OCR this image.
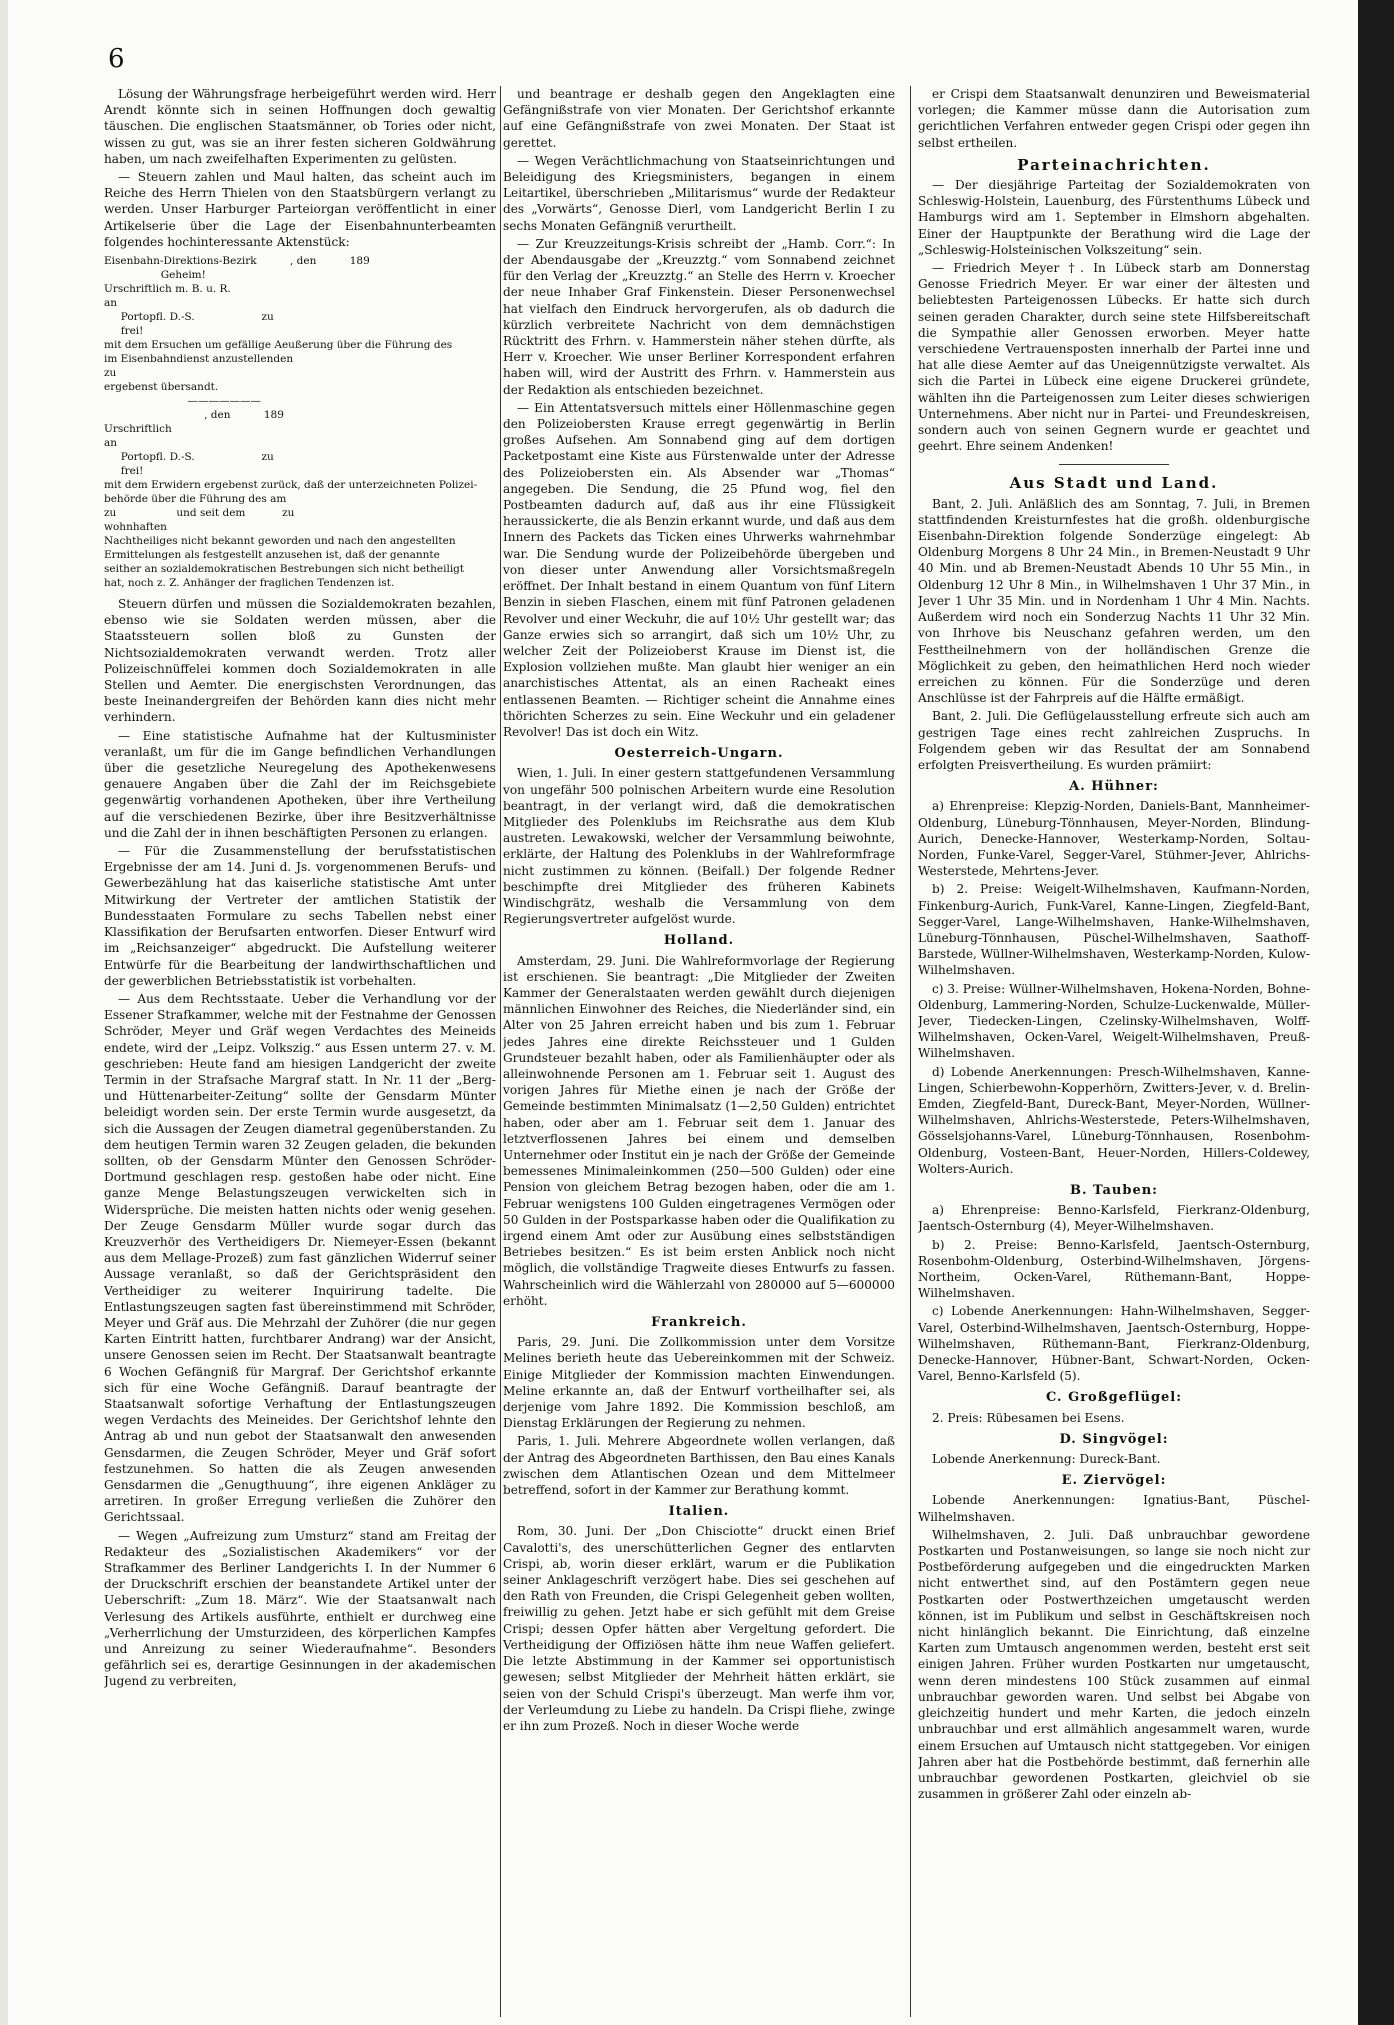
6

Lösung der Währungsfrage herbeigeführt werden wird. Herr Arendt könnte sich in seinen Hoffnungen doch gewaltig täuschen. Die englischen Staatsmänner, ob Tories oder nicht, wissen zu gut, was sie an ihrer festen sicheren Goldwährung haben, um nach zweifelhaften Experimenten zu gelüsten.

— Steuern zahlen und Maul halten, das scheint auch im Reiche des Herrn Thielen von den Staatsbürgern verlangt zu werden. Unser Harburger Parteiorgan veröffentlicht in einer Artikelserie über die Lage der Eisenbahnunterbeamten folgendes hochinteressante Aktenstück:

Eisenbahn-Direktions-Bezirk          , den          189
Geheim!
Urschriftlich m. B. u. R.
an
Portopfl. D.-S.                    zu
frei!
mit dem Ersuchen um gefällige Aeußerung über die Führung des
im Eisenbahndienst anzustellenden
zu
ergebenst übersandt.
———————
, den          189
Urschriftlich
an
Portopfl. D.-S.                    zu
frei!
mit dem Erwidern ergebenst zurück, daß der unterzeichneten Polizei-
behörde über die Führung des am
zu                  und seit dem           zu
wohnhaften
Nachtheiliges nicht bekannt geworden und nach den angestellten
Ermittelungen als festgestellt anzusehen ist, daß der genannte
seither an sozialdemokratischen Bestrebungen sich nicht betheiligt
hat, noch z. Z. Anhänger der fraglichen Tendenzen ist.

Steuern dürfen und müssen die Sozialdemokraten bezahlen, ebenso wie sie Soldaten werden müssen, aber die Staatssteuern sollen bloß zu Gunsten der Nichtsozialdemokraten verwandt werden. Trotz aller Polizeischnüffelei kommen doch Sozialdemokraten in alle Stellen und Aemter. Die energischsten Verordnungen, das beste Ineinandergreifen der Behörden kann dies nicht mehr verhindern.

— Eine statistische Aufnahme hat der Kultusminister veranlaßt, um für die im Gange befindlichen Verhandlungen über die gesetzliche Neuregelung des Apothekenwesens genauere Angaben über die Zahl der im Reichsgebiete gegenwärtig vorhandenen Apotheken, über ihre Vertheilung auf die verschiedenen Bezirke, über ihre Besitzverhältnisse und die Zahl der in ihnen beschäftigten Personen zu erlangen.

— Für die Zusammenstellung der berufsstatistischen Ergebnisse der am 14. Juni d. Js. vorgenommenen Berufs- und Gewerbezählung hat das kaiserliche statistische Amt unter Mitwirkung der Vertreter der amtlichen Statistik der Bundesstaaten Formulare zu sechs Tabellen nebst einer Klassifikation der Berufsarten entworfen. Dieser Entwurf wird im „Reichsanzeiger“ abgedruckt. Die Aufstellung weiterer Entwürfe für die Bearbeitung der landwirthschaftlichen und der gewerblichen Betriebsstatistik ist vorbehalten.

— Aus dem Rechtsstaate. Ueber die Verhandlung vor der Essener Strafkammer, welche mit der Festnahme der Genossen Schröder, Meyer und Gräf wegen Verdachtes des Meineids endete, wird der „Leipz. Volkszig.“ aus Essen unterm 27. v. M. geschrieben: Heute fand am hiesigen Landgericht der zweite Termin in der Strafsache Margraf statt. In Nr. 11 der „Berg- und Hüttenarbeiter-Zeitung“ sollte der Gensdarm Münter beleidigt worden sein. Der erste Termin wurde ausgesetzt, da sich die Aussagen der Zeugen diametral gegenüberstanden. Zu dem heutigen Termin waren 32 Zeugen geladen, die bekunden sollten, ob der Gensdarm Münter den Genossen Schröder-Dortmund geschlagen resp. gestoßen habe oder nicht. Eine ganze Menge Belastungszeugen verwickelten sich in Widersprüche. Die meisten hatten nichts oder wenig gesehen. Der Zeuge Gensdarm Müller wurde sogar durch das Kreuzverhör des Vertheidigers Dr. Niemeyer-Essen (bekannt aus dem Mellage-Prozeß) zum fast gänzlichen Widerruf seiner Aussage veranlaßt, so daß der Gerichtspräsident den Vertheidiger zu weiterer Inquirirung tadelte. Die Entlastungszeugen sagten fast übereinstimmend mit Schröder, Meyer und Gräf aus. Die Mehrzahl der Zuhörer (die nur gegen Karten Eintritt hatten, furchtbarer Andrang) war der Ansicht, unsere Genossen seien im Recht. Der Staatsanwalt beantragte 6 Wochen Gefängniß für Margraf. Der Gerichtshof erkannte sich für eine Woche Gefängniß. Darauf beantragte der Staatsanwalt sofortige Verhaftung der Entlastungszeugen wegen Verdachts des Meineides. Der Gerichtshof lehnte den Antrag ab und nun gebot der Staatsanwalt den anwesenden Gensdarmen, die Zeugen Schröder, Meyer und Gräf sofort festzunehmen. So hatten die als Zeugen anwesenden Gensdarmen die „Genugthuung“, ihre eigenen Ankläger zu arretiren. In großer Erregung verließen die Zuhörer den Gerichtssaal.

— Wegen „Aufreizung zum Umsturz“ stand am Freitag der Redakteur des „Sozialistischen Akademikers“ vor der Strafkammer des Berliner Landgerichts I. In der Nummer 6 der Druckschrift erschien der beanstandete Artikel unter der Ueberschrift: „Zum 18. März“. Wie der Staatsanwalt nach Verlesung des Artikels ausführte, enthielt er durchweg eine „Verherrlichung der Umsturzideen, des körperlichen Kampfes und Anreizung zu seiner Wiederaufnahme“. Besonders gefährlich sei es, derartige Gesinnungen in der akademischen Jugend zu verbreiten,

und beantrage er deshalb gegen den Angeklagten eine Gefängnißstrafe von vier Monaten. Der Gerichtshof erkannte auf eine Gefängnißstrafe von zwei Monaten. Der Staat ist gerettet.

— Wegen Verächtlichmachung von Staatseinrichtungen und Beleidigung des Kriegsministers, begangen in einem Leitartikel, überschrieben „Militarismus“ wurde der Redakteur des „Vorwärts“, Genosse Dierl, vom Landgericht Berlin I zu sechs Monaten Gefängniß verurtheilt.

— Zur Kreuzzeitungs-Krisis schreibt der „Hamb. Corr.“: In der Abendausgabe der „Kreuzztg.“ vom Sonnabend zeichnet für den Verlag der „Kreuzztg.“ an Stelle des Herrn v. Kroecher der neue Inhaber Graf Finkenstein. Dieser Personenwechsel hat vielfach den Eindruck hervorgerufen, als ob dadurch die kürzlich verbreitete Nachricht von dem demnächstigen Rücktritt des Frhrn. v. Hammerstein näher stehen dürfte, als Herr v. Kroecher. Wie unser Berliner Korrespondent erfahren haben will, wird der Austritt des Frhrn. v. Hammerstein aus der Redaktion als entschieden bezeichnet.

— Ein Attentatsversuch mittels einer Höllenmaschine gegen den Polizeiobersten Krause erregt gegenwärtig in Berlin großes Aufsehen. Am Sonnabend ging auf dem dortigen Packetpostamt eine Kiste aus Fürstenwalde unter der Adresse des Polizeiobersten ein. Als Absender war „Thomas“ angegeben. Die Sendung, die 25 Pfund wog, fiel den Postbeamten dadurch auf, daß aus ihr eine Flüssigkeit heraussickerte, die als Benzin erkannt wurde, und daß aus dem Innern des Packets das Ticken eines Uhrwerks wahrnehmbar war. Die Sendung wurde der Polizeibehörde übergeben und von dieser unter Anwendung aller Vorsichtsmaßregeln eröffnet. Der Inhalt bestand in einem Quantum von fünf Litern Benzin in sieben Flaschen, einem mit fünf Patronen geladenen Revolver und einer Weckuhr, die auf 10½ Uhr gestellt war; das Ganze erwies sich so arrangirt, daß sich um 10½ Uhr, zu welcher Zeit der Polizeioberst Krause im Dienst ist, die Explosion vollziehen mußte. Man glaubt hier weniger an ein anarchistisches Attentat, als an einen Racheakt eines entlassenen Beamten. — Richtiger scheint die Annahme eines thörichten Scherzes zu sein. Eine Weckuhr und ein geladener Revolver! Das ist doch ein Witz.

Oesterreich-Ungarn.

Wien, 1. Juli. In einer gestern stattgefundenen Versammlung von ungefähr 500 polnischen Arbeitern wurde eine Resolution beantragt, in der verlangt wird, daß die demokratischen Mitglieder des Polenklubs im Reichsrathe aus dem Klub austreten. Lewakowski, welcher der Versammlung beiwohnte, erklärte, der Haltung des Polenklubs in der Wahlreformfrage nicht zustimmen zu können. (Beifall.) Der folgende Redner beschimpfte drei Mitglieder des früheren Kabinets Windischgrätz, weshalb die Versammlung von dem Regierungsvertreter aufgelöst wurde.

Holland.

Amsterdam, 29. Juni. Die Wahlreformvorlage der Regierung ist erschienen. Sie beantragt: „Die Mitglieder der Zweiten Kammer der Generalstaaten werden gewählt durch diejenigen männlichen Einwohner des Reiches, die Niederländer sind, ein Alter von 25 Jahren erreicht haben und bis zum 1. Februar jedes Jahres eine direkte Reichssteuer und 1 Gulden Grundsteuer bezahlt haben, oder als Familienhäupter oder als alleinwohnende Personen am 1. Februar seit 1. August des vorigen Jahres für Miethe einen je nach der Größe der Gemeinde bestimmten Minimalsatz (1—2,50 Gulden) entrichtet haben, oder aber am 1. Februar seit dem 1. Januar des letztverflossenen Jahres bei einem und demselben Unternehmer oder Institut ein je nach der Größe der Gemeinde bemessenes Minimaleinkommen (250—500 Gulden) oder eine Pension von gleichem Betrag bezogen haben, oder die am 1. Februar wenigstens 100 Gulden eingetragenes Vermögen oder 50 Gulden in der Postsparkasse haben oder die Qualifikation zu irgend einem Amt oder zur Ausübung eines selbstständigen Betriebes besitzen.“ Es ist beim ersten Anblick noch nicht möglich, die vollständige Tragweite dieses Entwurfs zu fassen. Wahrscheinlich wird die Wählerzahl von 280000 auf 5—600000 erhöht.

Frankreich.

Paris, 29. Juni. Die Zollkommission unter dem Vorsitze Melines berieth heute das Uebereinkommen mit der Schweiz. Einige Mitglieder der Kommission machten Einwendungen. Meline erkannte an, daß der Entwurf vortheilhafter sei, als derjenige vom Jahre 1892. Die Kommission beschloß, am Dienstag Erklärungen der Regierung zu nehmen.

Paris, 1. Juli. Mehrere Abgeordnete wollen verlangen, daß der Antrag des Abgeordneten Barthissen, den Bau eines Kanals zwischen dem Atlantischen Ozean und dem Mittelmeer betreffend, sofort in der Kammer zur Berathung kommt.

Italien.

Rom, 30. Juni. Der „Don Chisciotte“ druckt einen Brief Cavalotti's, des unerschütterlichen Gegner des entlarvten Crispi, ab, worin dieser erklärt, warum er die Publikation seiner Anklageschrift verzögert habe. Dies sei geschehen auf den Rath von Freunden, die Crispi Gelegenheit geben wollten, freiwillig zu gehen. Jetzt habe er sich gefühlt mit dem Greise Crispi; dessen Opfer hätten aber Vergeltung gefordert. Die Vertheidigung der Offiziösen hätte ihm neue Waffen geliefert. Die letzte Abstimmung in der Kammer sei opportunistisch gewesen; selbst Mitglieder der Mehrheit hätten erklärt, sie seien von der Schuld Crispi's überzeugt. Man werfe ihm vor, der Verleumdung zu Liebe zu handeln. Da Crispi fliehe, zwinge er ihn zum Prozeß. Noch in dieser Woche werde

er Crispi dem Staatsanwalt denunziren und Beweismaterial vorlegen; die Kammer müsse dann die Autorisation zum gerichtlichen Verfahren entweder gegen Crispi oder gegen ihn selbst ertheilen.

Parteinachrichten.

— Der diesjährige Parteitag der Sozialdemokraten von Schleswig-Holstein, Lauenburg, des Fürstenthums Lübeck und Hamburgs wird am 1. September in Elmshorn abgehalten. Einer der Hauptpunkte der Berathung wird die Lage der „Schleswig-Holsteinischen Volkszeitung“ sein.

— Friedrich Meyer †. In Lübeck starb am Donnerstag Genosse Friedrich Meyer. Er war einer der ältesten und beliebtesten Parteigenossen Lübecks. Er hatte sich durch seinen geraden Charakter, durch seine stete Hilfsbereitschaft die Sympathie aller Genossen erworben. Meyer hatte verschiedene Vertrauensposten innerhalb der Partei inne und hat alle diese Aemter auf das Uneigennützigste verwaltet. Als sich die Partei in Lübeck eine eigene Druckerei gründete, wählten ihn die Parteigenossen zum Leiter dieses schwierigen Unternehmens. Aber nicht nur in Partei- und Freundeskreisen, sondern auch von seinen Gegnern wurde er geachtet und geehrt. Ehre seinem Andenken!

Aus Stadt und Land.

Bant, 2. Juli. Anläßlich des am Sonntag, 7. Juli, in Bremen stattfindenden Kreisturnfestes hat die großh. oldenburgische Eisenbahn-Direktion folgende Sonderzüge eingelegt: Ab Oldenburg Morgens 8 Uhr 24 Min., in Bremen-Neustadt 9 Uhr 40 Min. und ab Bremen-Neustadt Abends 10 Uhr 55 Min., in Oldenburg 12 Uhr 8 Min., in Wilhelmshaven 1 Uhr 37 Min., in Jever 1 Uhr 35 Min. und in Nordenham 1 Uhr 4 Min. Nachts. Außerdem wird noch ein Sonderzug Nachts 11 Uhr 32 Min. von Ihrhove bis Neuschanz gefahren werden, um den Festtheilnehmern von der holländischen Grenze die Möglichkeit zu geben, den heimathlichen Herd noch wieder erreichen zu können. Für die Sonderzüge und deren Anschlüsse ist der Fahrpreis auf die Hälfte ermäßigt.

Bant, 2. Juli. Die Geflügelausstellung erfreute sich auch am gestrigen Tage eines recht zahlreichen Zuspruchs. In Folgendem geben wir das Resultat der am Sonnabend erfolgten Preisvertheilung. Es wurden prämiirt:

A. Hühner:
a) Ehrenpreise: Klepzig-Norden, Daniels-Bant, Mannheimer-Oldenburg, Lüneburg-Tönnhausen, Meyer-Norden, Blindung-Aurich, Denecke-Hannover, Westerkamp-Norden, Soltau-Norden, Funke-Varel, Segger-Varel, Stühmer-Jever, Ahlrichs-Westerstede, Mehrtens-Jever.
b) 2. Preise: Weigelt-Wilhelmshaven, Kaufmann-Norden, Finkenburg-Aurich, Funk-Varel, Kanne-Lingen, Ziegfeld-Bant, Segger-Varel, Lange-Wilhelmshaven, Hanke-Wilhelmshaven, Lüneburg-Tönnhausen, Püschel-Wilhelmshaven, Saathoff-Barstede, Wüllner-Wilhelmshaven, Westerkamp-Norden, Kulow-Wilhelmshaven.
c) 3. Preise: Wüllner-Wilhelmshaven, Hokena-Norden, Bohne-Oldenburg, Lammering-Norden, Schulze-Luckenwalde, Müller-Jever, Tiedecken-Lingen, Czelinsky-Wilhelmshaven, Wolff-Wilhelmshaven, Ocken-Varel, Weigelt-Wilhelmshaven, Preuß-Wilhelmshaven.
d) Lobende Anerkennungen: Presch-Wilhelmshaven, Kanne-Lingen, Schierbewohn-Kopperhörn, Zwitters-Jever, v. d. Brelin-Emden, Ziegfeld-Bant, Dureck-Bant, Meyer-Norden, Wüllner-Wilhelmshaven, Ahlrichs-Westerstede, Peters-Wilhelmshaven, Gösselsjohanns-Varel, Lüneburg-Tönnhausen, Rosenbohm-Oldenburg, Vosteen-Bant, Heuer-Norden, Hillers-Coldewey, Wolters-Aurich.
B. Tauben:
a) Ehrenpreise: Benno-Karlsfeld, Fierkranz-Oldenburg, Jaentsch-Osternburg (4), Meyer-Wilhelmshaven.
b) 2. Preise: Benno-Karlsfeld, Jaentsch-Osternburg, Rosenbohm-Oldenburg, Osterbind-Wilhelmshaven, Jörgens-Northeim, Ocken-Varel, Rüthemann-Bant, Hoppe-Wilhelmshaven.
c) Lobende Anerkennungen: Hahn-Wilhelmshaven, Segger-Varel, Osterbind-Wilhelmshaven, Jaentsch-Osternburg, Hoppe-Wilhelmshaven, Rüthemann-Bant, Fierkranz-Oldenburg, Denecke-Hannover, Hübner-Bant, Schwart-Norden, Ocken-Varel, Benno-Karlsfeld (5).
C. Großgeflügel:
2. Preis: Rübesamen bei Esens.
D. Singvögel:
Lobende Anerkennung: Dureck-Bant.
E. Ziervögel:
Lobende Anerkennungen: Ignatius-Bant, Püschel-Wilhelmshaven.

Wilhelmshaven, 2. Juli. Daß unbrauchbar gewordene Postkarten und Postanweisungen, so lange sie noch nicht zur Postbeförderung aufgegeben und die eingedruckten Marken nicht entwerthet sind, auf den Postämtern gegen neue Postkarten oder Postwerthzeichen umgetauscht werden können, ist im Publikum und selbst in Geschäftskreisen noch nicht hinlänglich bekannt. Die Einrichtung, daß einzelne Karten zum Umtausch angenommen werden, besteht erst seit einigen Jahren. Früher wurden Postkarten nur umgetauscht, wenn deren mindestens 100 Stück zusammen auf einmal unbrauchbar geworden waren. Und selbst bei Abgabe von gleichzeitig hundert und mehr Karten, die jedoch einzeln unbrauchbar und erst allmählich angesammelt waren, wurde einem Ersuchen auf Umtausch nicht stattgegeben. Vor einigen Jahren aber hat die Postbehörde bestimmt, daß fernerhin alle unbrauchbar gewordenen Postkarten, gleichviel ob sie zusammen in größerer Zahl oder einzeln ab-
